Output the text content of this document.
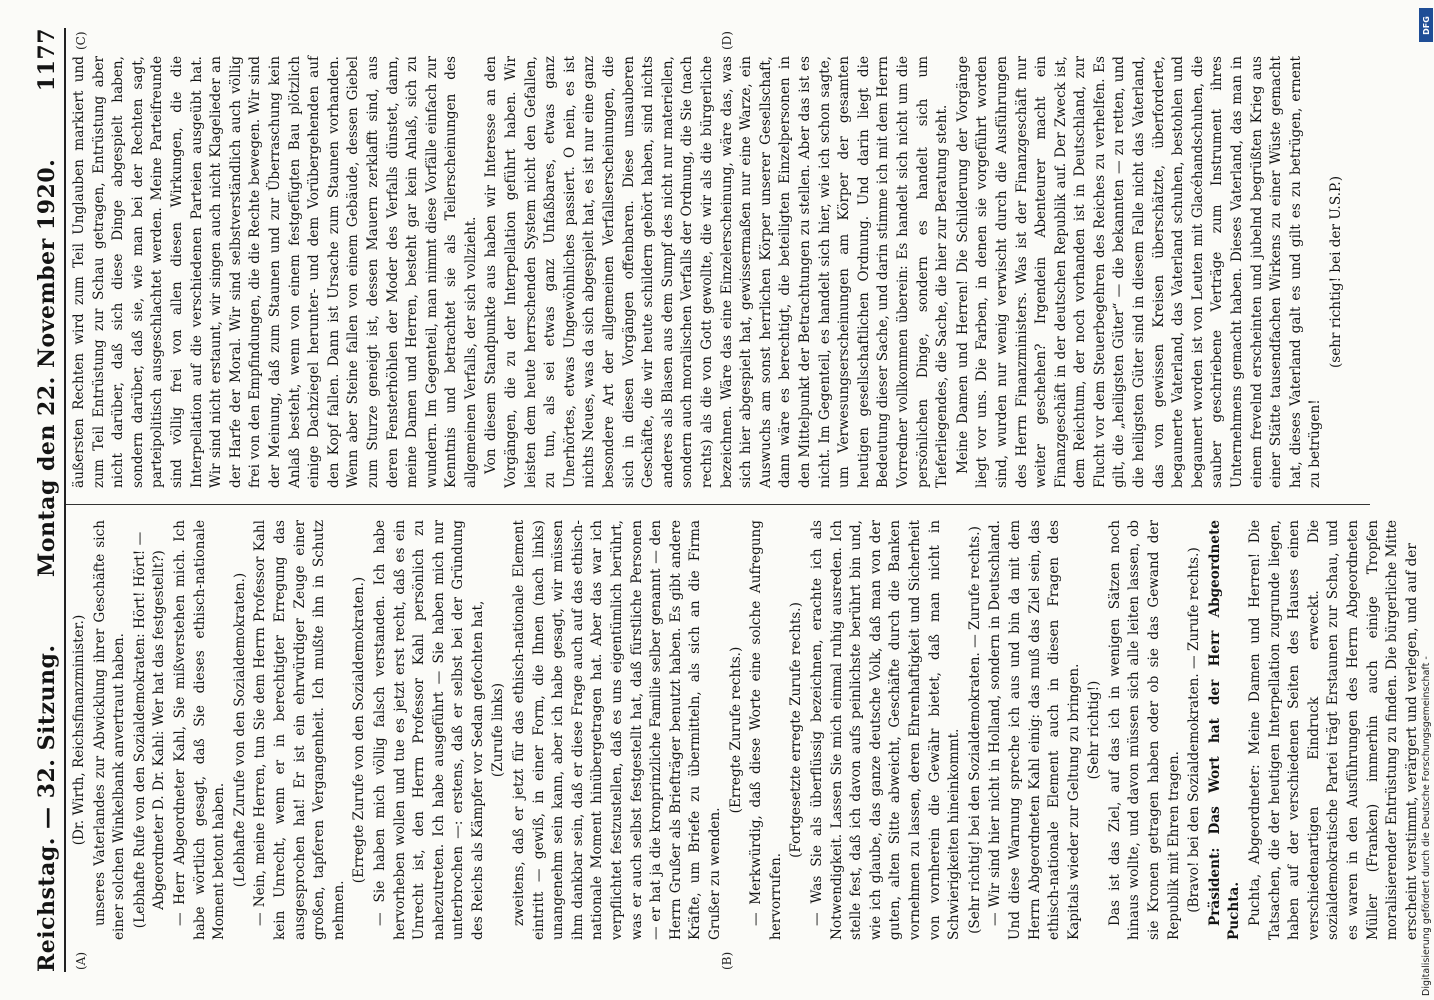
Reichstag. — 32. Sitzung.
Montag den 22. November 1920.
1177
(A)	(B)
(C)	(D)

(Dr. Wirth, Reichsfinanzminister.) unseres Vaterlandes zur Abwicklung ihrer Geschäfte sich einer solchen Winkelbank anvertraut haben. (Lebhafte Rufe von den Sozialdemokraten: Hört! Hört! — Abgeordneter D. Dr. Kahl: Wer hat das festgestellt?) — Herr Abgeordneter Kahl, Sie mißverstehen mich. Ich habe wörtlich gesagt, daß Sie dieses ethisch-nationale Moment betont haben. (Lebhafte Zurufe von den Sozialdemokraten.) — Nein, meine Herren, tun Sie dem Herrn Professor Kahl kein Unrecht, wenn er in berechtigter Erregung das ausgesprochen hat! Er ist ein ehrwürdiger Zeuge einer großen, tapferen Vergangenheit. Ich mußte ihn in Schutz nehmen.

(Erregte Zurufe von den Sozialdemokraten.) — Sie haben mich völlig falsch verstanden. Ich habe hervorheben wollen und tue es jetzt erst recht, daß es ein Unrecht ist, den Herrn Professor Kahl persönlich zu nahezutreten. Ich habe ausgeführt — Sie haben mich nur unterbrochen —: erstens, daß er selbst bei der Gründung des Reichs als Kämpfer vor Sedan gefochten hat, (Zurufe links) zweitens, daß er jetzt für das ethisch-nationale Element eintritt — gewiß, in einer Form, die Ihnen (nach links) unangenehm sein kann, aber ich habe gesagt, wir müssen ihm dankbar sein, daß er diese Frage auch auf das ethisch-nationale Moment hinübergetragen hat. Aber das war ich verpflichtet festzustellen, daß es uns eigentümlich berührt, was er auch selbst festgestellt hat, daß fürstliche Personen — er hat ja die kronprinzliche Familie selber genannt — den Herrn Grußer als Briefträger benutzt haben. Es gibt andere Kräfte, um Briefe zu übermitteln, als sich an die Firma Grußer zu wenden.

(Erregte Zurufe rechts.) — Merkwürdig, daß diese Worte eine solche Aufregung hervorrufen.

(Fortgesetzte erregte Zurufe rechts.) — Was Sie als überflüssig bezeichnen, erachte ich als Notwendigkeit. Lassen Sie mich einmal ruhig ausreden. Ich stelle fest, daß ich davon aufs peinlichste berührt bin und, wie ich glaube, das ganze deutsche Volk, daß man von der guten, alten Sitte abweicht, Geschäfte durch die Banken vornehmen zu lassen, deren Ehrenhaftigkeit und Sicherheit von vornherein die Gewähr bietet, daß man nicht in Schwierigkeiten hineinkommt. (Sehr richtig! bei den Sozialdemokraten. — Zurufe rechts.) — Wir sind hier nicht in Holland, sondern in Deutschland. Und diese Warnung spreche ich aus und bin da mit dem Herrn Abgeordneten Kahl einig: das muß das Ziel sein, das ethisch-nationale Element auch in diesen Fragen des Kapitals wieder zur Geltung zu bringen. (Sehr richtig!) Das ist das Ziel, auf das ich in wenigen Sätzen noch hinaus wollte, und davon müssen sich alle leiten lassen, ob sie Kronen getragen haben oder ob sie das Gewand der Republik mit Ehren tragen. (Bravo! bei den Sozialdemokraten. — Zurufe rechts.) Präsident: Das Wort hat der Herr Abgeordnete Puchta. Puchta, Abgeordneter: Meine Damen und Herren! Die Tatsachen, die der heutigen Interpellation zugrunde liegen, haben auf der verschiedenen Seiten des Hauses einen verschiedenartigen Eindruck erweckt. Die sozialdemokratische Partei trägt Erstaunen zur Schau, und es waren in den Ausführungen des Herrn Abgeordneten Müller (Franken) immerhin auch einige Tropfen moralisierender Entrüstung zu finden. Die bürgerliche Mitte erscheint verstimmt, verärgert und verlegen, und auf der

äußersten Rechten wird zum Teil Unglauben markiert und zum Teil Entrüstung zur Schau getragen, Entrüstung aber nicht darüber, daß sich diese Dinge abgespielt haben, sondern darüber, daß sie, wie man bei der Rechten sagt, parteipolitisch ausgeschlachtet werden. Meine Parteifreunde sind völlig frei von allen diesen Wirkungen, die die Interpellation auf die verschiedenen Parteien ausgeübt hat. Wir sind nicht erstaunt, wir singen auch nicht Klagelieder an der Harfe der Moral. Wir sind selbstverständlich auch völlig frei von den Empfindungen, die die Rechte bewegen. Wir sind der Meinung, daß zum Staunen und zur Überraschung kein Anlaß besteht, wenn von einem festgefügten Bau plötzlich einige Dachziegel herunter- und dem Vorübergehenden auf den Kopf fallen. Dann ist Ursache zum Staunen vorhanden. Wenn aber Steine fallen von einem Gebäude, dessen Giebel zum Sturze geneigt ist, dessen Mauern zerklafft sind, aus deren Fensterhöhlen der Moder des Verfalls dünstet, dann, meine Damen und Herren, besteht gar kein Anlaß, sich zu wundern. Im Gegenteil, man nimmt diese Vorfälle einfach zur Kenntnis und betrachtet sie als Teilerscheinungen des allgemeinen Verfalls, der sich vollzieht. Von diesem Standpunkte aus haben wir Interesse an den Vorgängen, die zu der Interpellation geführt haben. Wir leisten dem heute herrschenden System nicht den Gefallen, zu tun, als sei etwas ganz Unfaßbares, etwas ganz Unerhörtes, etwas Ungewöhnliches passiert. O nein, es ist nichts Neues, was da sich abgespielt hat, es ist nur eine ganz besondere Art der allgemeinen Verfallserscheinungen, die sich in diesen Vorgängen offenbaren. Diese unsauberen Geschäfte, die wir heute schildern gehört haben, sind nichts anderes als Blasen aus dem Sumpf des nicht nur materiellen, sondern auch moralischen Verfalls der Ordnung, die Sie (nach rechts) als die von Gott gewollte, die wir als die bürgerliche bezeichnen. Wäre das eine Einzelerscheinung, wäre das, was sich hier abgespielt hat, gewissermaßen nur eine Warze, ein Auswuchs am sonst herrlichen Körper unserer Gesellschaft, dann wäre es berechtigt, die beteiligten Einzelpersonen in den Mittelpunkt der Betrachtungen zu stellen. Aber das ist es nicht. Im Gegenteil, es handelt sich hier, wie ich schon sagte, um Verwesungserscheinungen am Körper der gesamten heutigen gesellschaftlichen Ordnung. Und darin liegt die Bedeutung dieser Sache, und darin stimme ich mit dem Herrn Vorredner vollkommen überein: Es handelt sich nicht um die persönlichen Dinge, sondern es handelt sich um Tieferliegendes, die Sache, die hier zur Beratung steht. Meine Damen und Herren! Die Schilderung der Vorgänge liegt vor uns. Die Farben, in denen sie vorgeführt worden sind, wurden nur wenig verwischt durch die Ausführungen des Herrn Finanzministers. Was ist der Finanzgeschäft nur weiter geschehen? Irgendein Abenteurer macht ein Finanzgeschäft in der deutschen Republik auf. Der Zweck ist, dem Reichtum, der noch vorhanden ist in Deutschland, zur Flucht vor dem Steuerbegehren des Reiches zu verhelfen. Es gilt, die „heiligsten Güter“ — die bekannten — zu retten, und die heiligsten Güter sind in diesem Falle nicht das Vaterland, das von gewissen Kreisen überschätzte, überforderte, begaunerte Vaterland, das Vaterland schuhen, bestohlen und begaunert worden ist von Leuten mit Glacéhandschuhen, die sauber geschriebene Verträge zum Instrument ihres Unternehmens gemacht haben. Dieses Vaterland, das man in einem frevelnd erscheinten und jubelnd begrüßten Krieg aus einer Stätte tausendfachen Wirkens zu einer Wüste gemacht hat, dieses Vaterland galt es und gilt es zu betrügen, ernent zu betrügen!

(sehr richtig! bei der U.S.P.)

DFG
Digitalisierung gefördert durch die Deutsche Forschungsgemeinschaft -
